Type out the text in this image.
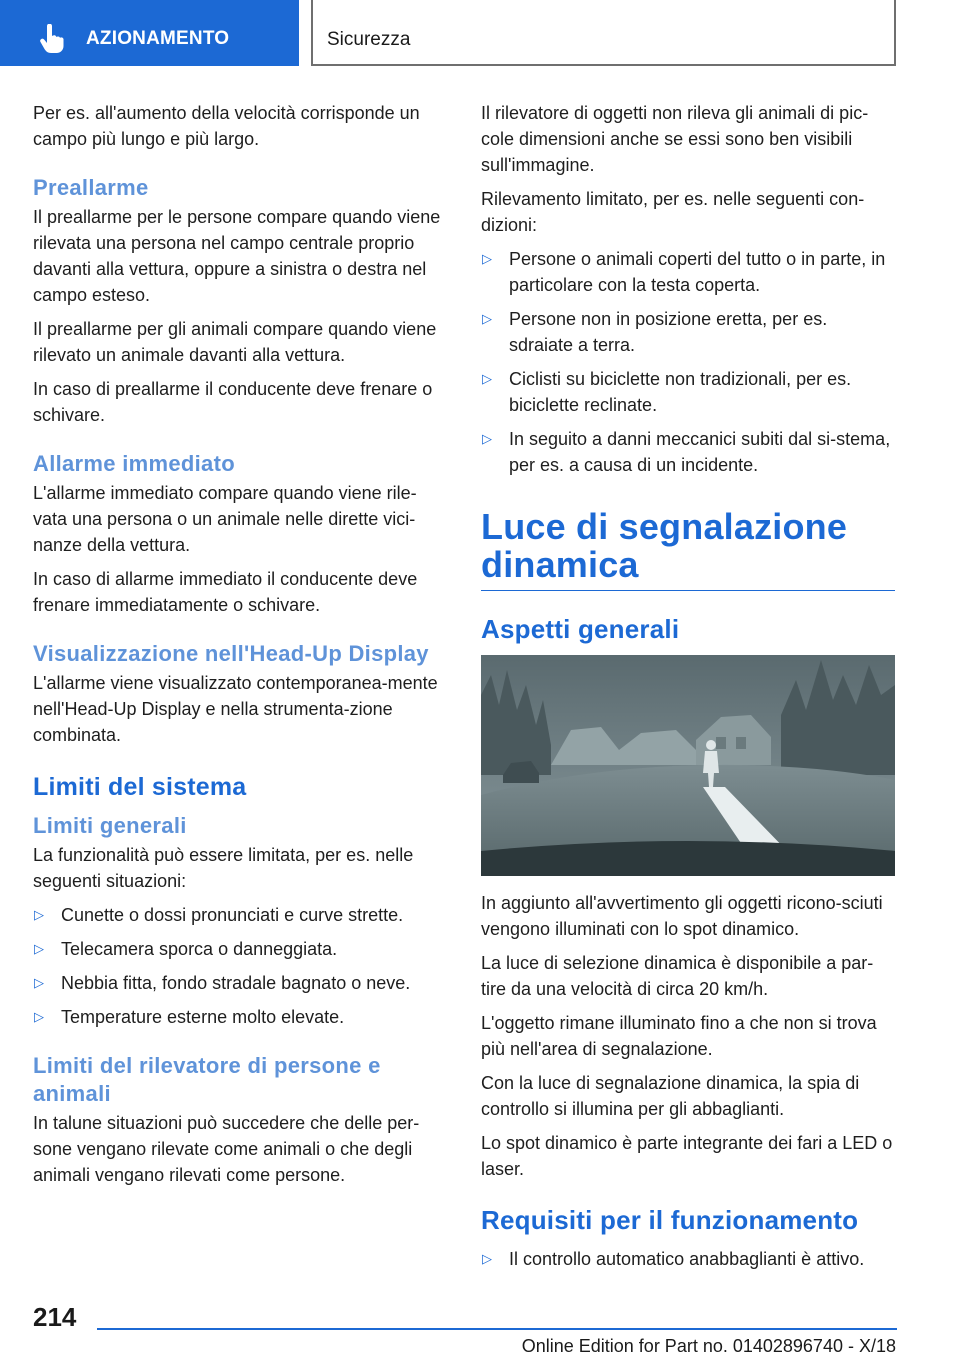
AZIONAMENTO	Sicurezza

Per es. all'aumento della velocità corrisponde un campo più lungo e più largo.

Preallarme

Il preallarme per le persone compare quando viene rilevata una persona nel campo centrale proprio davanti alla vettura, oppure a sinistra o destra nel campo esteso.

Il preallarme per gli animali compare quando viene rilevato un animale davanti alla vettura.

In caso di preallarme il conducente deve frenare o schivare.

Allarme immediato

L'allarme immediato compare quando viene rile‐vata una persona o un animale nelle dirette vici‐nanze della vettura.

In caso di allarme immediato il conducente deve frenare immediatamente o schivare.

Visualizzazione nell'Head-Up Display

L'allarme viene visualizzato contemporanea‐mente nell'Head-Up Display e nella strumenta‐zione combinata.

Limiti del sistema
Limiti generali

La funzionalità può essere limitata, per es. nelle seguenti situazioni:

▷ Cunette o dossi pronunciati e curve strette.
▷ Telecamera sporca o danneggiata.
▷ Nebbia fitta, fondo stradale bagnato o neve.
▷ Temperature esterne molto elevate.
Limiti del rilevatore di persone e animali

In talune situazioni può succedere che delle per‐sone vengano rilevate come animali o che degli animali vengano rilevati come persone.

Il rilevatore di oggetti non rileva gli animali di pic‐cole dimensioni anche se essi sono ben visibili sull'immagine.

Rilevamento limitato, per es. nelle seguenti con‐dizioni:

▷ Persone o animali coperti del tutto o in parte, in particolare con la testa coperta.
▷ Persone non in posizione eretta, per es. sdraiate a terra.
▷ Ciclisti su biciclette non tradizionali, per es. biciclette reclinate.
▷ In seguito a danni meccanici subiti dal si‐stema, per es. a causa di un incidente.
Luce di segnalazione dinamica
Aspetti generali

In aggiunto all'avvertimento gli oggetti ricono‐sciuti vengono illuminati con lo spot dinamico.

La luce di selezione dinamica è disponibile a par‐tire da una velocità di circa 20 km/h.

L'oggetto rimane illuminato fino a che non si trova più nell'area di segnalazione.

Con la luce di segnalazione dinamica, la spia di controllo si illumina per gli abbaglianti.

Lo spot dinamico è parte integrante dei fari a LED o laser.

Requisiti per il funzionamento
▷ Il controllo automatico anabbaglianti è attivo.
214
Online Edition for Part no. 01402896740 - X/18
